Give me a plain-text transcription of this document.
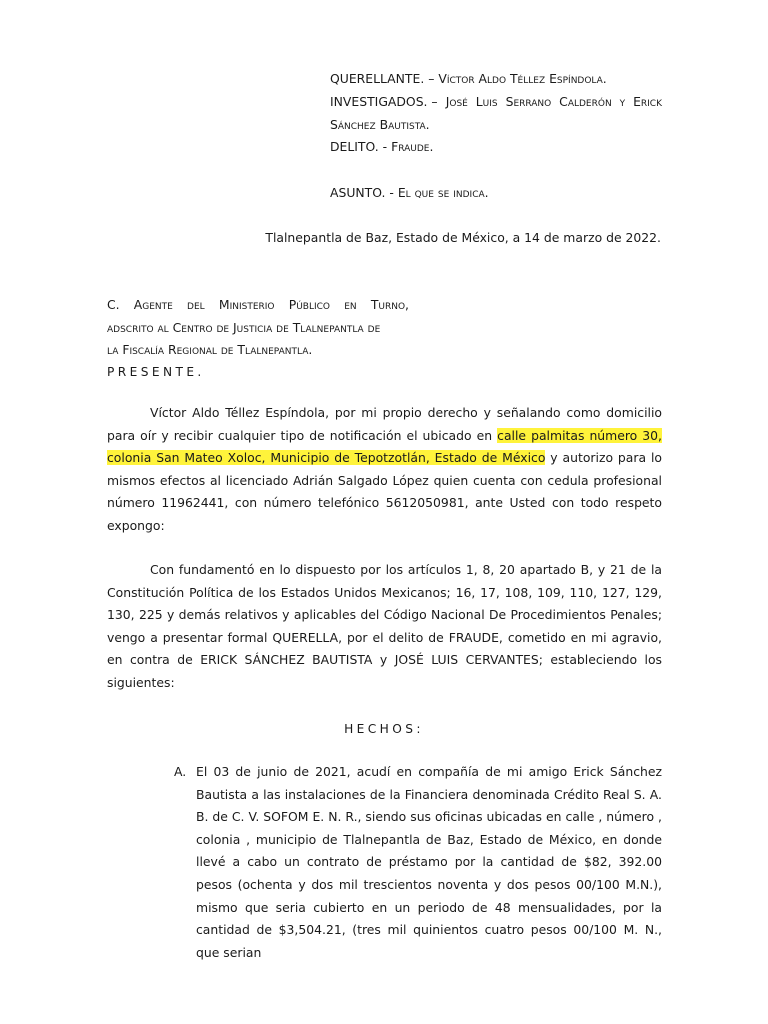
QUERELLANTE. – Víctor Aldo Téllez Espíndola.
INVESTIGADOS. – José Luis Serrano Calderón y Erick
Sánchez Bautista.
DELITO. - Fraude.
ASUNTO. - El que se indica.
Tlalnepantla de Baz, Estado de México, a 14 de marzo de 2022.
C. Agente del Ministerio Público en Turno,
adscrito al Centro de Justicia de Tlalnepantla de
la Fiscalía Regional de Tlalnepantla.
PRESENTE.
Víctor Aldo Téllez Espíndola, por mi propio derecho y señalando como domicilio para oír y recibir cualquier tipo de notificación el ubicado en calle palmitas número 30, colonia San Mateo Xoloc, Municipio de Tepotzotlán, Estado de México y autorizo para lo mismos efectos al licenciado Adrián Salgado López quien cuenta con cedula profesional número 11962441, con número telefónico 5612050981, ante Usted con todo respeto expongo:
Con fundamentó en lo dispuesto por los artículos 1, 8, 20 apartado B, y 21 de la Constitución Política de los Estados Unidos Mexicanos; 16, 17, 108, 109, 110, 127, 129, 130, 225 y demás relativos y aplicables del Código Nacional De Procedimientos Penales; vengo a presentar formal QUERELLA, por el delito de FRAUDE, cometido en mi agravio, en contra de ERICK SÁNCHEZ BAUTISTA y JOSÉ LUIS CERVANTES; estableciendo los siguientes:
HECHOS:
A. El 03 de junio de 2021, acudí en compañía de mi amigo Erick Sánchez Bautista a las instalaciones de la Financiera denominada Crédito Real S. A. B. de C. V. SOFOM E. N. R., siendo sus oficinas ubicadas en calle , número , colonia , municipio de Tlalnepantla de Baz, Estado de México, en donde llevé a cabo un contrato de préstamo por la cantidad de $82, 392.00 pesos (ochenta y dos mil trescientos noventa y dos pesos 00/100 M.N.), mismo que seria cubierto en un periodo de 48 mensualidades, por la cantidad de $3,504.21, (tres mil quinientos cuatro pesos 00/100 M. N., que serian
